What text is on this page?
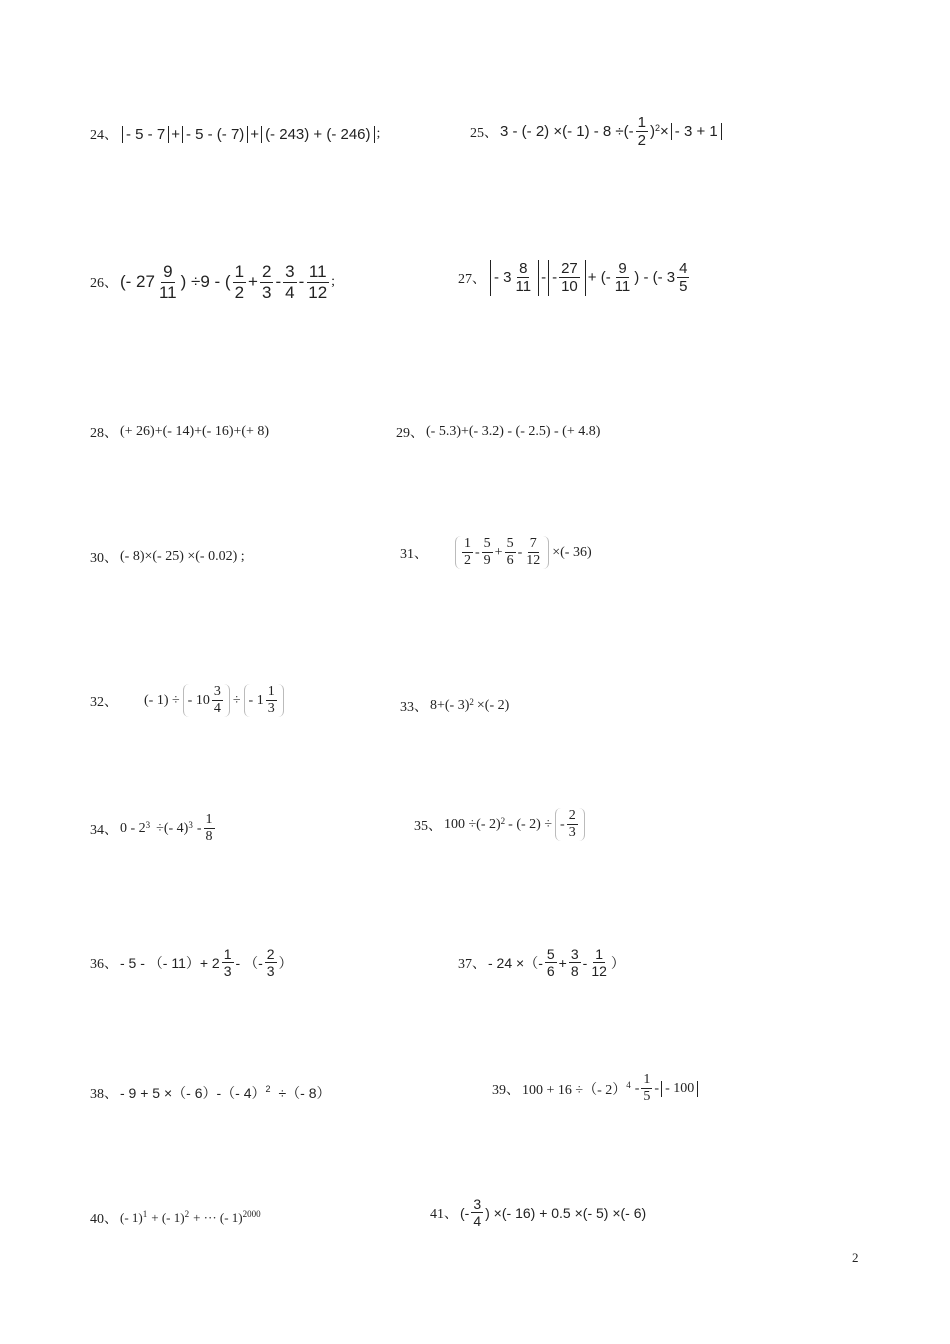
24、 - 5 - 7 + - 5 - (- 7) + (- 243) + (- 246) ;	25、 3 - (- 2) ×(- 1) - 8 ÷(- $\frac{1}{2} )^2$ × - 3 + 1
26、 (- $27 \frac{9}{11}$ ) ÷9 - ( $\frac{1}{2} + \frac{2}{3} - \frac{3}{4} - \frac{11}{12}$ ;	27、 - $3 \frac{8}{11}$ - - $\frac{27}{10}$ + (- $\frac{9}{11}$ ) - (- $3 \frac{4}{5}$
28、 (+ 26)+(- 14)+(- 16)+(+ 8)	29、 (- 5.3)+(- 3.2) - (- 2.5) - (+ 4.8)
30、 (- 8)×(- 25) ×(- 0.02) ;	31、 $\frac{1}{2} - \frac{5}{9} + \frac{5}{6} - \frac{7}{12}$ ×(- 36)
32、 (- 1) ÷ - $10 \frac{3}{4}$ ÷ - $1 \frac{1}{3}$	33、 8+(- 3)$^2$ ×(- 2)
34、 $0 - 2^3$ ÷(- $4)^3 - \frac{1}{8}$	35、 100 ÷(- 2)$^2$ - (- 2) ÷ - $\frac{2}{3}$
36、 - 5 - （- $11)+ 2 \frac{1}{3}$ - （- $\frac{2}{3}$ ）	37、 - 24 ×（- $\frac{5}{6} + \frac{3}{8} - \frac{1}{12}$ ）
38、 - 9 + 5 ×（- 6）-（- 4）$^2$ ÷（- 8）	39、 100 + 16 ÷（- $2)^4 - \frac{1}{5}$ - - 100
40、 (- 1)$^1$ + (- 1)$^2$ + ··· (- 1)$^{2000}$	41、 (- $\frac{3}{4}$ ) ×(- 16) + 0.5 ×(- 5) ×(- 6)
2
